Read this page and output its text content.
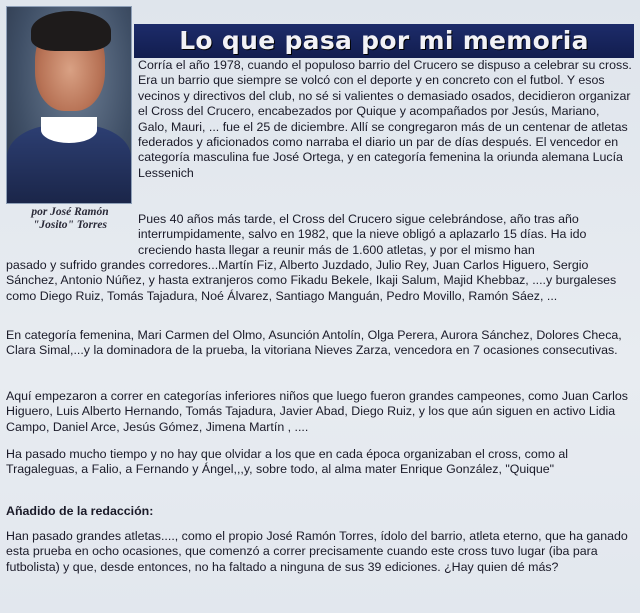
por José Ramón "Josito" Torres
Lo que pasa por mi memoria

Corría el año 1978, cuando el populoso barrio del Crucero se dispuso a celebrar su cross. Era un barrio que siempre se volcó con el deporte y en concreto con el futbol. Y esos vecinos y directivos del club, no sé si valientes o demasiado osados, decidieron organizar el Cross del Crucero, encabezados por Quique y acompañados por Jesús, Mariano, Galo, Mauri, ... fue el 25 de diciembre. Allí se congregaron más de un centenar de atletas federados y aficionados como narraba el diario un par de días después. El vencedor en categoría masculina fue José Ortega, y en categoría femenina la oriunda alemana Lucía Lessenich

Pues 40 años más tarde, el Cross del Crucero sigue celebrándose, año tras año interrumpidamente, salvo en 1982, que la nieve obligó a aplazarlo 15 días. Ha ido creciendo hasta llegar a reunir más de 1.600 atletas, y por el mismo han

pasado y sufrido grandes corredores...Martín Fiz, Alberto Juzdado, Julio Rey, Juan Carlos Higuero, Sergio Sánchez, Antonio Núñez, y hasta extranjeros como Fikadu Bekele, Ikaji Salum, Majid Khebbaz, ....y burgaleses como Diego Ruiz, Tomás Tajadura, Noé Álvarez, Santiago Manguán, Pedro Movillo, Ramón Sáez, ...

En categoría femenina, Mari Carmen del Olmo, Asunción Antolín, Olga Perera, Aurora Sánchez, Dolores Checa, Clara Simal,...y la dominadora de la prueba, la vitoriana Nieves Zarza, vencedora en 7 ocasiones consecutivas.

Aquí empezaron a correr en categorías inferiores niños que luego fueron grandes campeones, como Juan Carlos Higuero, Luis Alberto Hernando, Tomás Tajadura, Javier Abad, Diego Ruiz, y los que aún siguen en activo Lidia Campo, Daniel Arce, Jesús Gómez, Jimena Martín , ....

Ha pasado mucho tiempo y no hay que olvidar a los que en cada época organizaban el cross, como al Tragaleguas, a Falio, a Fernando y Ángel,,,y, sobre todo, al alma mater Enrique González, "Quique"

Añadido de la redacción:

Han pasado grandes atletas...., como el propio José Ramón Torres, ídolo del barrio, atleta eterno, que ha ganado esta prueba en ocho ocasiones, que comenzó a correr precisamente cuando este cross tuvo lugar (iba para futbolista) y que, desde entonces, no ha faltado a ninguna de sus 39 ediciones. ¿Hay quien dé más?
